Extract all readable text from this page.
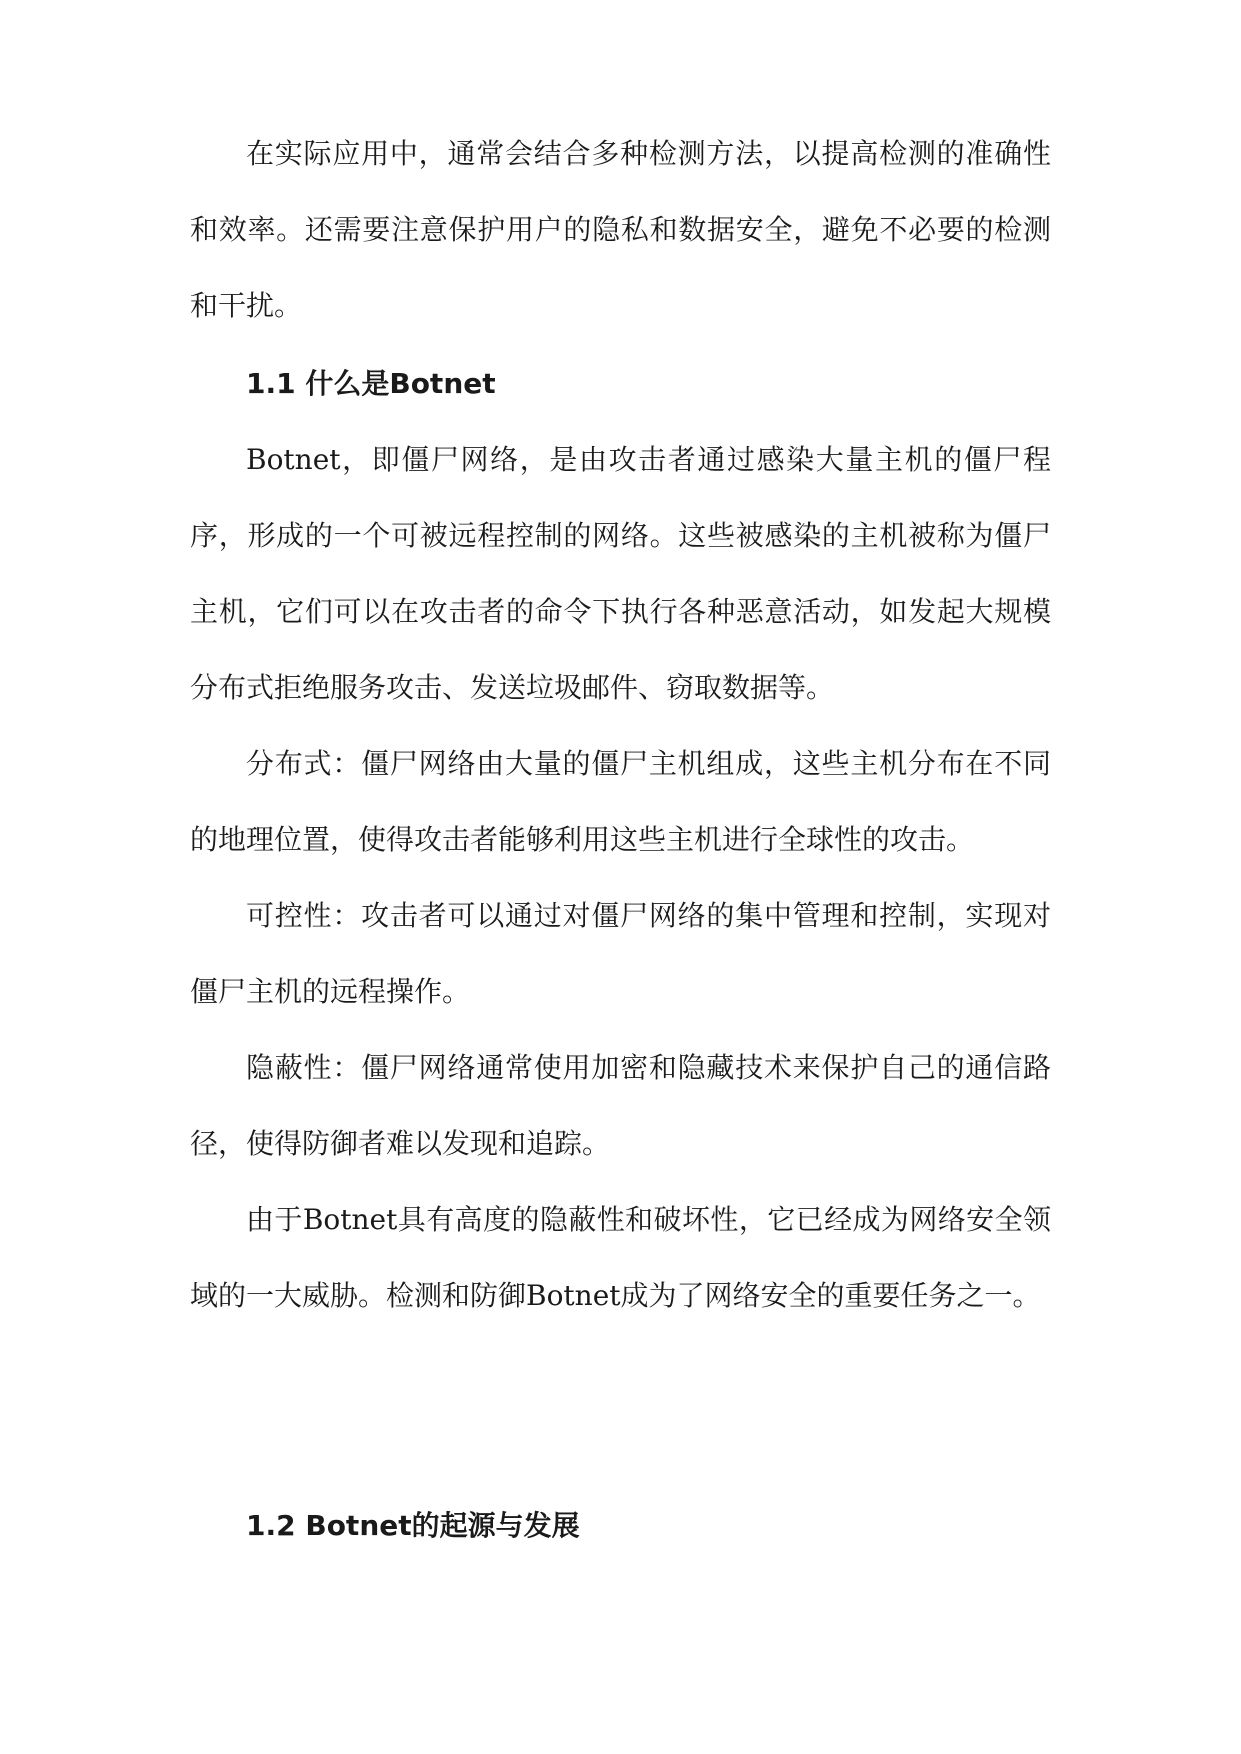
在实际应用中，通常会结合多种检测方法，以提高检测的准确性和效率。还需要注意保护用户的隐私和数据安全，避免不必要的检测和干扰。

1.1 什么是Botnet

Botnet，即僵尸网络，是由攻击者通过感染大量主机的僵尸程序，形成的一个可被远程控制的网络。这些被感染的主机被称为僵尸主机，它们可以在攻击者的命令下执行各种恶意活动，如发起大规模分布式拒绝服务攻击、发送垃圾邮件、窃取数据等。

分布式：僵尸网络由大量的僵尸主机组成，这些主机分布在不同的地理位置，使得攻击者能够利用这些主机进行全球性的攻击。

可控性：攻击者可以通过对僵尸网络的集中管理和控制，实现对僵尸主机的远程操作。

隐蔽性：僵尸网络通常使用加密和隐藏技术来保护自己的通信路径，使得防御者难以发现和追踪。

由于Botnet具有高度的隐蔽性和破坏性，它已经成为网络安全领域的一大威胁。检测和防御Botnet成为了网络安全的重要任务之一。

1.2 Botnet的起源与发展
